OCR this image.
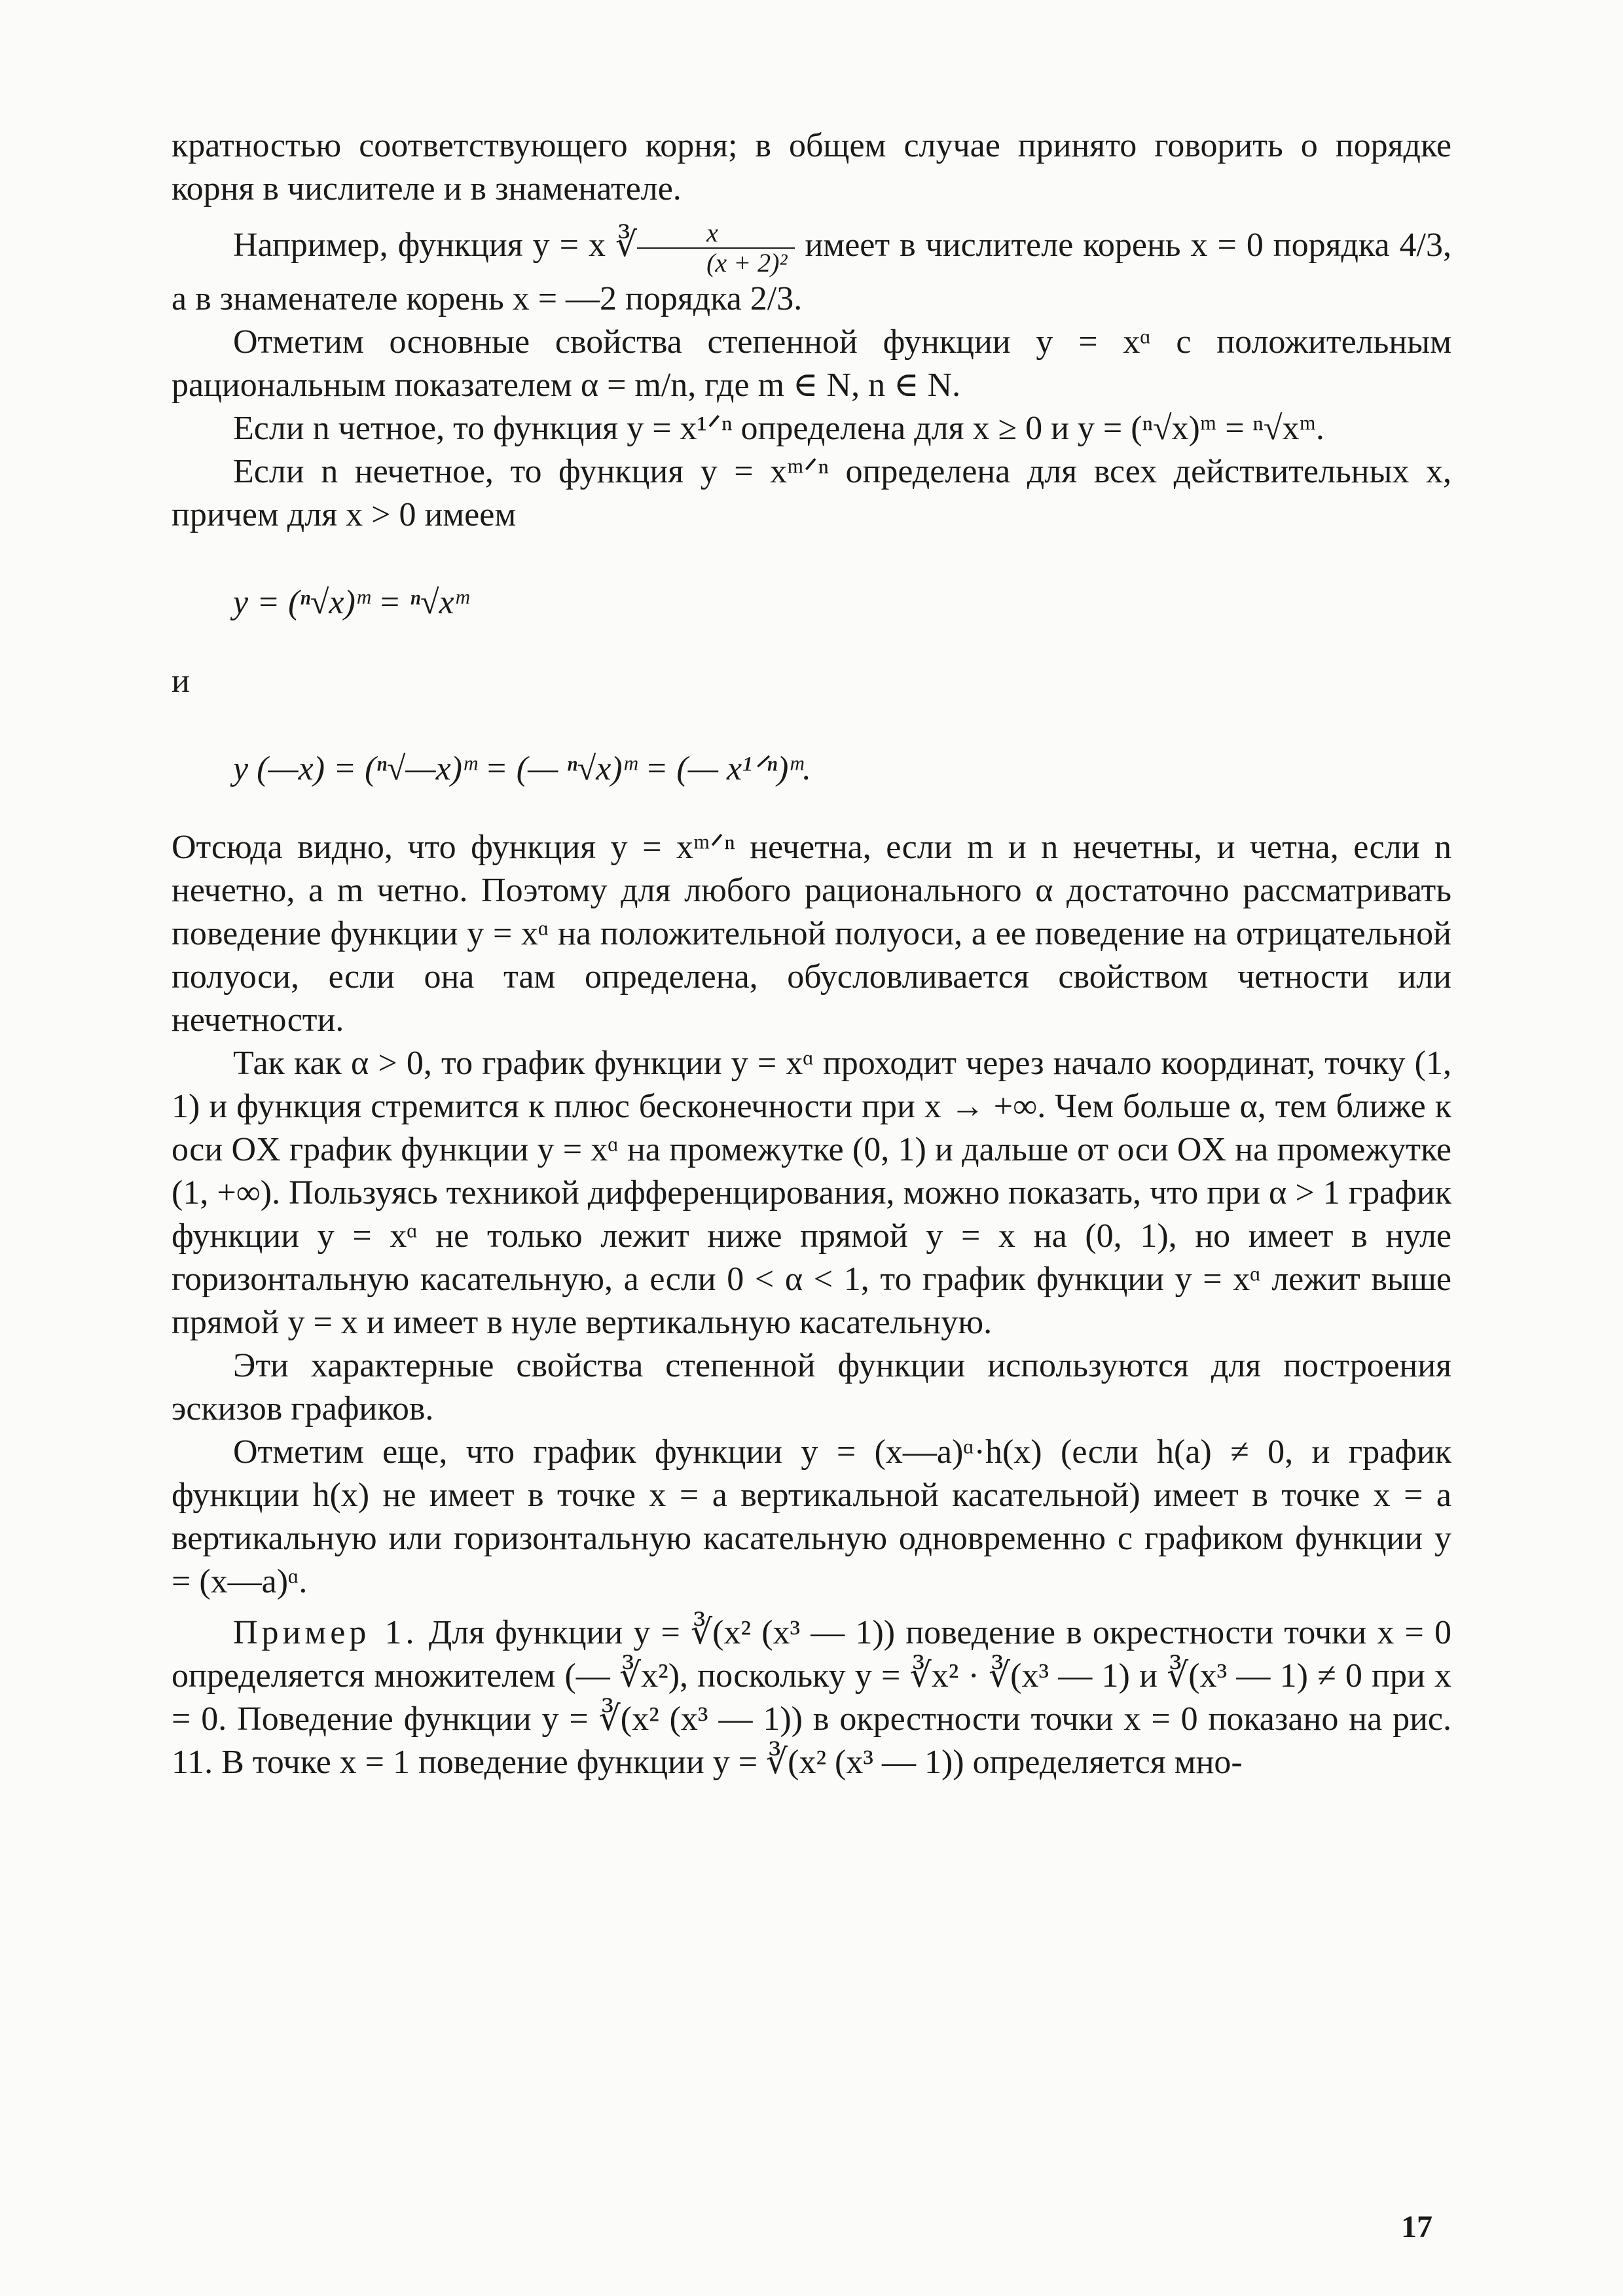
кратностью соответствующего корня; в общем случае принято говорить о порядке корня в числителе и в знаменателе.

Например, функция y = x ∛ $\frac{x}{\text{(x + 2)²}}$ имеет в числителе корень x = 0 порядка 4/3, а в знаменателе корень x = —2 порядка 2/3.

Отметим основные свойства степенной функции y = xᵅ с положительным рациональным показателем α = m/n, где m ∈ N, n ∈ N.

Если n четное, то функция y = x¹ᐟⁿ определена для x ≥ 0 и y = (ⁿ√x)ᵐ = ⁿ√xᵐ.

Если n нечетное, то функция y = xᵐᐟⁿ определена для всех действительных x, причем для x > 0 имеем

y = (ⁿ√x)ᵐ = ⁿ√xᵐ

и

y (—x) = (ⁿ√—x)ᵐ = (— ⁿ√x)ᵐ = (— x¹ᐟⁿ)ᵐ.

Отсюда видно, что функция y = xᵐᐟⁿ нечетна, если m и n нечетны, и четна, если n нечетно, а m четно. Поэтому для любого рационального α достаточно рассматривать поведение функции y = xᵅ на положительной полуоси, а ее поведение на отрицательной полуоси, если она там определена, обусловливается свойством четности или нечетности.

Так как α > 0, то график функции y = xᵅ проходит через начало координат, точку (1, 1) и функция стремится к плюс бесконечности при x → +∞. Чем больше α, тем ближе к оси OX график функции y = xᵅ на промежутке (0, 1) и дальше от оси OX на промежутке (1, +∞). Пользуясь техникой дифференцирования, можно показать, что при α > 1 график функции y = xᵅ не только лежит ниже прямой y = x на (0, 1), но имеет в нуле горизонтальную касательную, а если 0 < α < 1, то график функции y = xᵅ лежит выше прямой y = x и имеет в нуле вертикальную касательную.

Эти характерные свойства степенной функции используются для построения эскизов графиков.

Отметим еще, что график функции y = (x—a)ᵅ·h(x) (если h(a) ≠ 0, и график функции h(x) не имеет в точке x = a вертикальной касательной) имеет в точке x = a вертикальную или горизонтальную касательную одновременно с графиком функции y = (x—a)ᵅ.

Пример 1. Для функции y = ∛(x² (x³ — 1)) поведение в окрестности точки x = 0 определяется множителем (— ∛x²), поскольку y = ∛x² · ∛(x³ — 1) и ∛(x³ — 1) ≠ 0 при x = 0. Поведение функции y = ∛(x² (x³ — 1)) в окрестности точки x = 0 показано на рис. 11. В точке x = 1 поведение функции y = ∛(x² (x³ — 1)) определяется мно-

17
